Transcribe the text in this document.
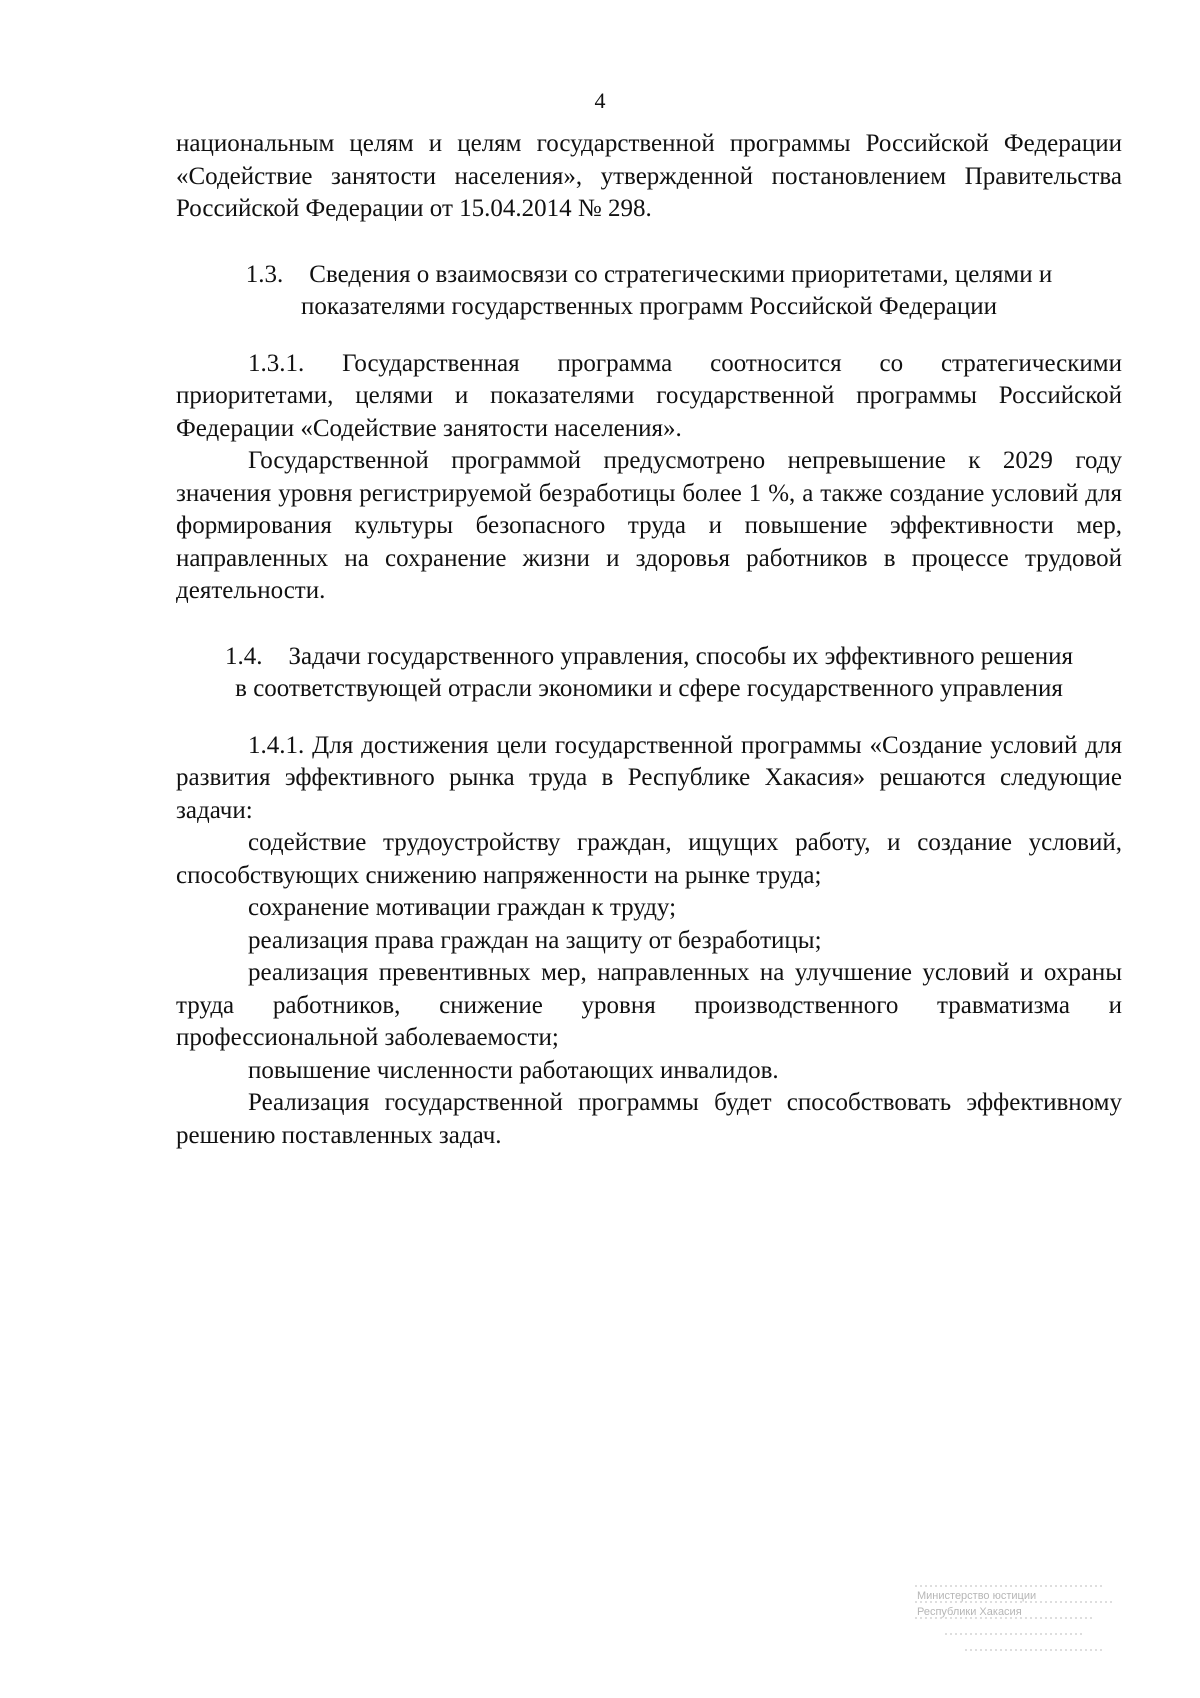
4

национальным целям и целям государственной программы Российской Федерации «Содействие занятости населения», утвержденной постановлением Правительства Российской Федерации от 15.04.2014 № 298.

1.3. Сведения о взаимосвязи со стратегическими приоритетами, целями и

показателями государственных программ Российской Федерации

1.3.1. Государственная программа соотносится со стратегическими приоритетами, целями и показателями государственной программы Российской Федерации «Содействие занятости населения».

Государственной программой предусмотрено непревышение к 2029 году значения уровня регистрируемой безработицы более 1 %, а также создание условий для формирования культуры безопасного труда и повышение эффективности мер, направленных на сохранение жизни и здоровья работников в процессе трудовой деятельности.

1.4. Задачи государственного управления, способы их эффективного решения

в соответствующей отрасли экономики и сфере государственного управления

1.4.1. Для достижения цели государственной программы «Создание условий для развития эффективного рынка труда в Республике Хакасия» решаются следующие задачи:

содействие трудоустройству граждан, ищущих работу, и создание условий, способствующих снижению напряженности на рынке труда;

сохранение мотивации граждан к труду;

реализация права граждан на защиту от безработицы;

реализация превентивных мер, направленных на улучшение условий и охраны труда работников, снижение уровня производственного травматизма и профессиональной заболеваемости;

повышение численности работающих инвалидов.

Реализация государственной программы будет способствовать эффективному решению поставленных задач.

Министерство юстиции
Республики Хакасия
